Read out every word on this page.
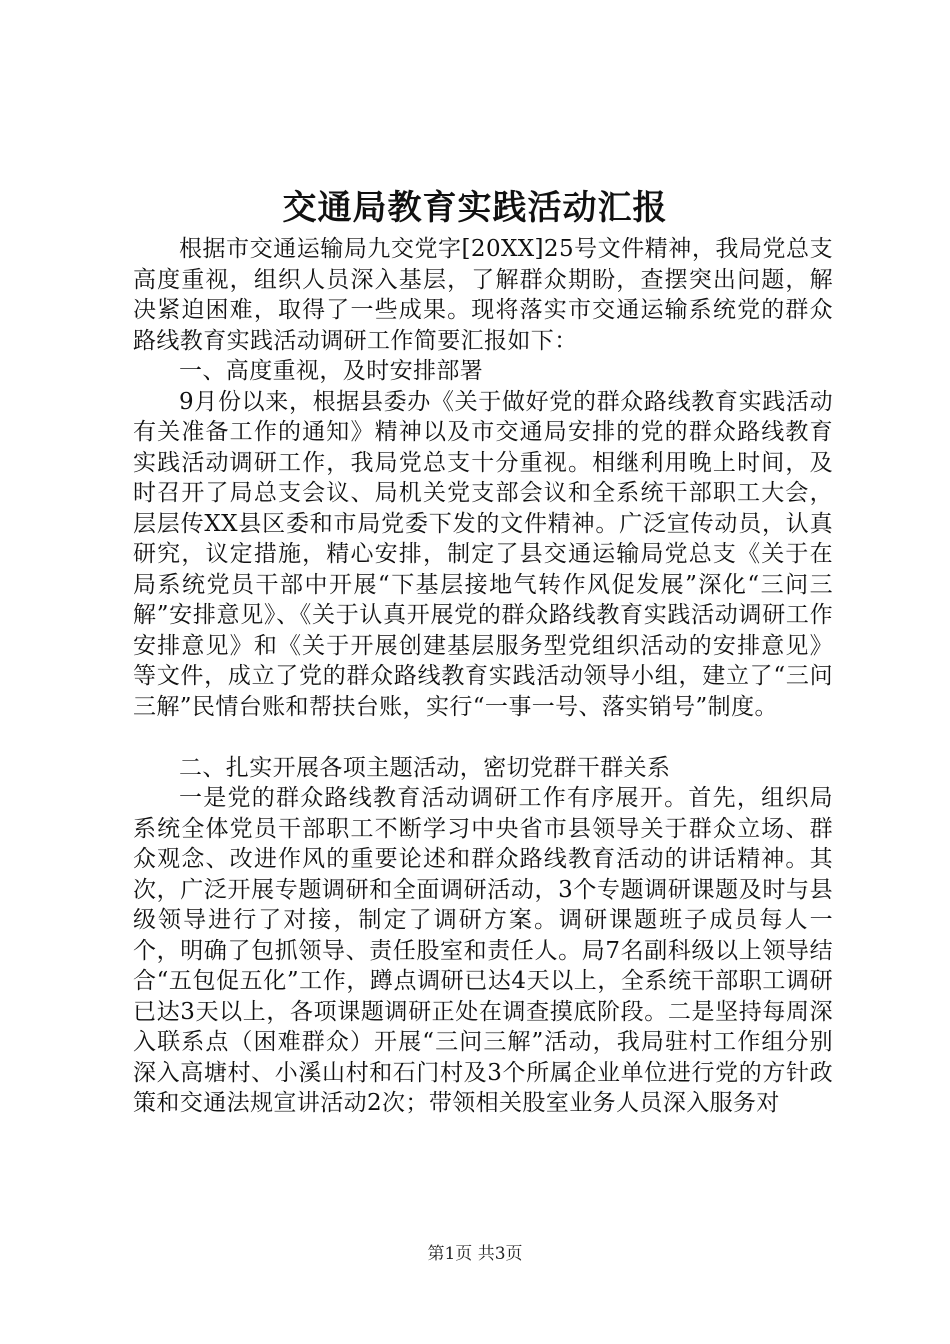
交通局教育实践活动汇报

根据市交通运输局九交党字[20XX]25号文件精神，我局党总支高度重视，组织人员深入基层，了解群众期盼，查摆突出问题，解决紧迫困难，取得了一些成果。现将落实市交通运输系统党的群众路线教育实践活动调研工作简要汇报如下：

一、高度重视，及时安排部署

9月份以来，根据县委办《关于做好党的群众路线教育实践活动有关准备工作的通知》精神以及市交通局安排的党的群众路线教育实践活动调研工作，我局党总支十分重视。相继利用晚上时间，及时召开了局总支会议、局机关党支部会议和全系统干部职工大会，层层传XX县区委和市局党委下发的文件精神。广泛宣传动员，认真研究，议定措施，精心安排，制定了县交通运输局党总支《关于在局系统党员干部中开展“下基层接地气转作风促发展”深化“三问三解”安排意见》、《关于认真开展党的群众路线教育实践活动调研工作安排意见》和《关于开展创建基层服务型党组织活动的安排意见》等文件，成立了党的群众路线教育实践活动领导小组，建立了“三问三解”民情台账和帮扶台账，实行“一事一号、落实销号”制度。

二、扎实开展各项主题活动，密切党群干群关系

一是党的群众路线教育活动调研工作有序展开。首先，组织局系统全体党员干部职工不断学习中央省市县领导关于群众立场、群众观念、改进作风的重要论述和群众路线教育活动的讲话精神。其次，广泛开展专题调研和全面调研活动，3个专题调研课题及时与县级领导进行了对接，制定了调研方案。调研课题班子成员每人一个，明确了包抓领导、责任股室和责任人。局7名副科级以上领导结合“五包促五化”工作，蹲点调研已达4天以上，全系统干部职工调研已达3天以上，各项课题调研正处在调查摸底阶段。二是坚持每周深入联系点（困难群众）开展“三问三解”活动，我局驻村工作组分别深入高塘村、小溪山村和石门村及3个所属企业单位进行党的方针政策和交通法规宣讲活动2次；带领相关股室业务人员深入服务对

第1页 共3页
